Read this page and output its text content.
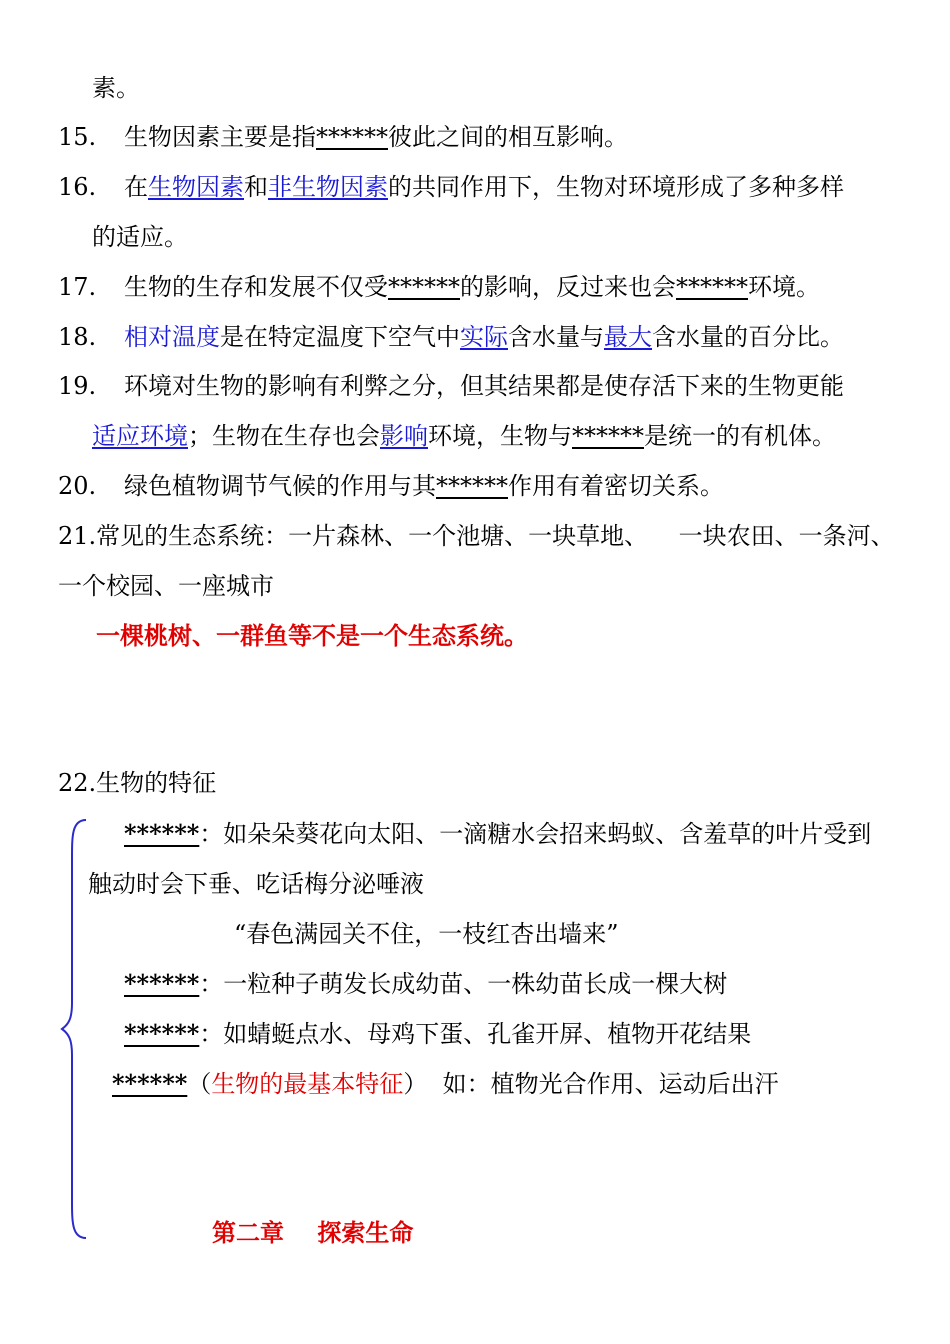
素。
15. 生物因素主要是指******彼此之间的相互影响。
16. 在生物因素和非生物因素的共同作用下，生物对环境形成了多种多样
的适应。
17. 生物的生存和发展不仅受******的影响，反过来也会******环境。
18. 相对温度是在特定温度下空气中实际含水量与最大含水量的百分比。
19. 环境对生物的影响有利弊之分，但其结果都是使存活下来的生物更能
适应环境；生物在生存也会影响环境，生物与******是统一的有机体。
20. 绿色植物调节气候的作用与其******作用有着密切关系。
21.常见的生态系统：一片森林、一个池塘、一块草地、    一块农田、一条河、
一个校园、一座城市
一棵桃树、一群鱼等不是一个生态系统。
22.生物的特征
******：如朵朵葵花向太阳、一滴糖水会招来蚂蚁、含羞草的叶片受到
触动时会下垂、吃话梅分泌唾液
“春色满园关不住，一枝红杏出墙来”
******：一粒种子萌发长成幼苗、一株幼苗长成一棵大树
******：如蜻蜓点水、母鸡下蛋、孔雀开屏、植物开花结果
******（生物的最基本特征）  如：植物光合作用、运动后出汗
第二章    探索生命
